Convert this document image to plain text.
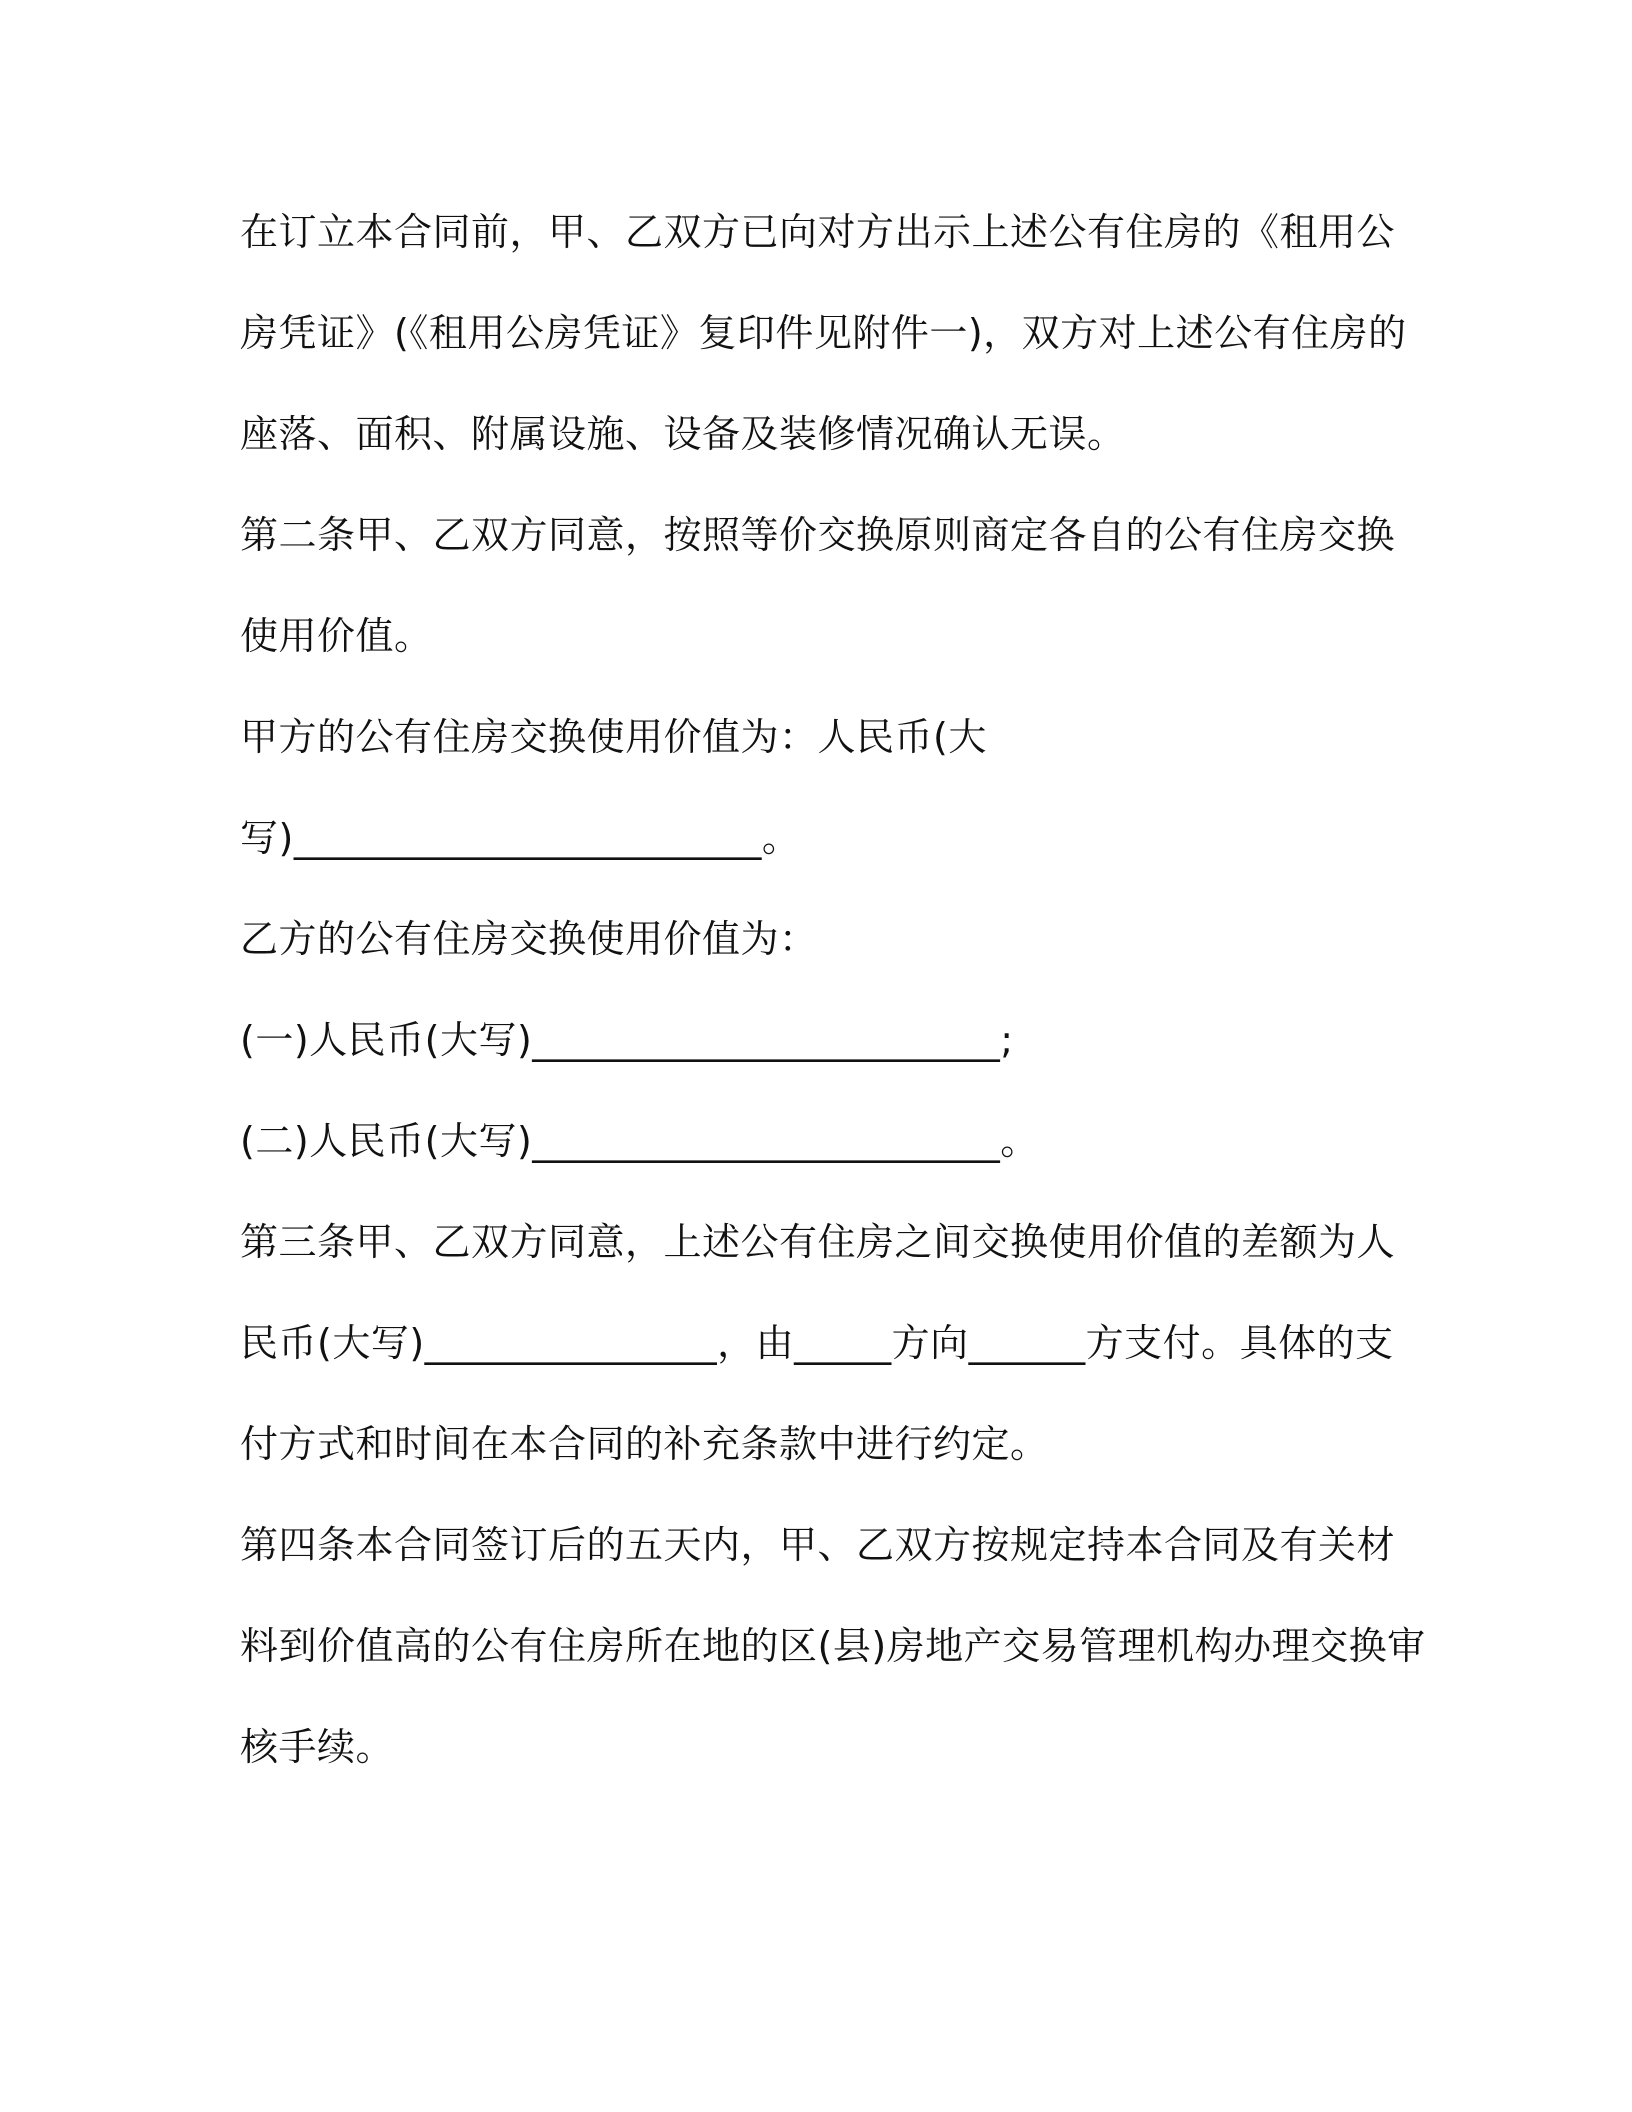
在订立本合同前，甲、乙双方已向对方出示上述公有住房的《租用公
房凭证》(《租用公房凭证》复印件见附件一)，双方对上述公有住房的
座落、面积、附属设施、设备及装修情况确认无误。
第二条甲、乙双方同意，按照等价交换原则商定各自的公有住房交换
使用价值。
甲方的公有住房交换使用价值为：人民币(大
写)________________________。
乙方的公有住房交换使用价值为：
(一)人民币(大写)________________________;
(二)人民币(大写)________________________。
第三条甲、乙双方同意，上述公有住房之间交换使用价值的差额为人
民币(大写)_______________，由_____方向______方支付。具体的支
付方式和时间在本合同的补充条款中进行约定。
第四条本合同签订后的五天内，甲、乙双方按规定持本合同及有关材
料到价值高的公有住房所在地的区(县)房地产交易管理机构办理交换审
核手续。
